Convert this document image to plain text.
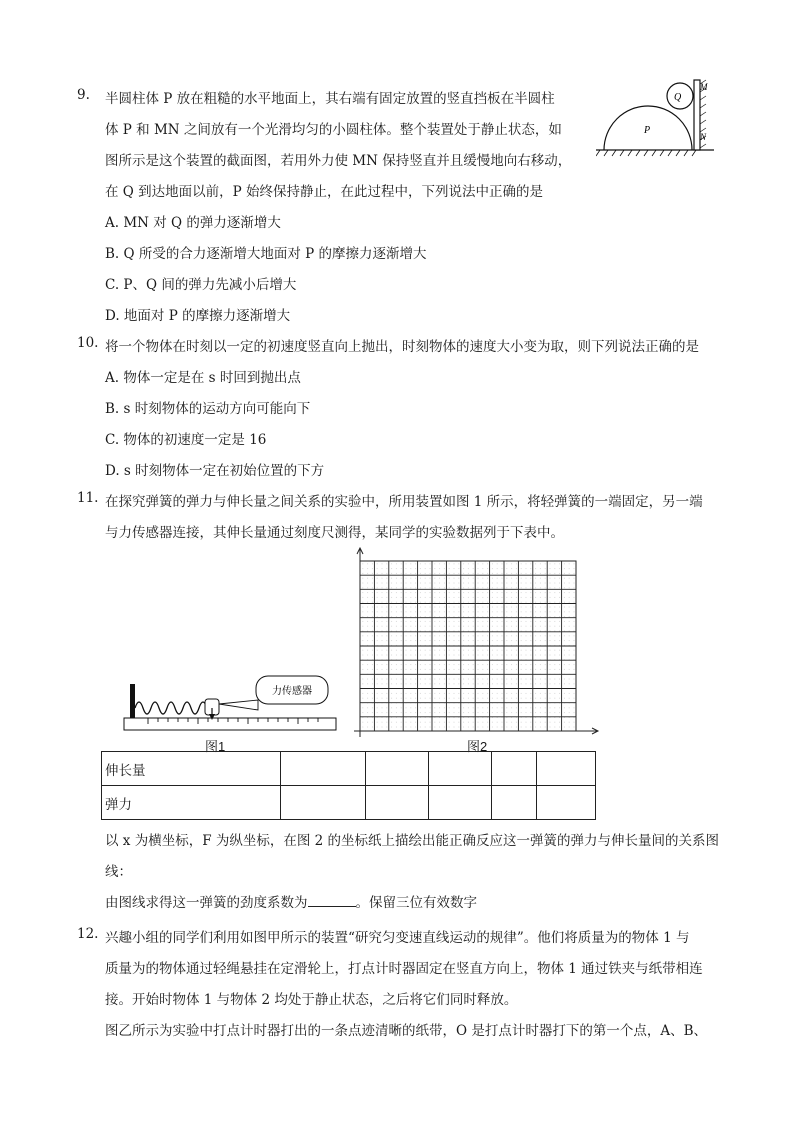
9. 半圆柱体 P 放在粗糙的水平地面上，其右端有固定放置的竖直挡板在半圆柱
体 P 和 MN 之间放有一个光滑均匀的小圆柱体。整个装置处于静止状态，如
图所示是这个装置的截面图，若用外力使 MN 保持竖直并且缓慢地向右移动，
在 Q 到达地面以前，P 始终保持静止，在此过程中，下列说法中正确的是
A. MN 对 Q 的弹力逐渐增大
B. Q 所受的合力逐渐增大地面对 P 的摩擦力逐渐增大
C. P、Q 间的弹力先减小后增大
D. 地面对 P 的摩擦力逐渐增大
P
Q
M
N
10. 将一个物体在时刻以一定的初速度竖直向上抛出，时刻物体的速度大小变为取，则下列说法正确的是
A. 物体一定是在 s 时回到抛出点
B. s 时刻物体的运动方向可能向下
C. 物体的初速度一定是 16
D. s 时刻物体一定在初始位置的下方
11. 在探究弹簧的弹力与伸长量之间关系的实验中，所用装置如图 1 所示，将轻弹簧的一端固定，另一端
与力传感器连接，其伸长量通过刻度尺测得，某同学的实验数据列于下表中。
力传感器
图1	图2
伸长量					
弹力					
以 x 为横坐标，F 为纵坐标，在图 2 的坐标纸上描绘出能正确反应这一弹簧的弹力与伸长量间的关系图
线：
由图线求得这一弹簧的劲度系数为	。保留三位有效数字
12. 兴趣小组的同学们利用如图甲所示的装置“研究匀变速直线运动的规律”。他们将质量为的物体 1 与
质量为的物体通过轻绳悬挂在定滑轮上，打点计时器固定在竖直方向上，物体 1 通过铁夹与纸带相连
接。开始时物体 1 与物体 2 均处于静止状态，之后将它们同时释放。
图乙所示为实验中打点计时器打出的一条点迹清晰的纸带，O 是打点计时器打下的第一个点，A、B、
